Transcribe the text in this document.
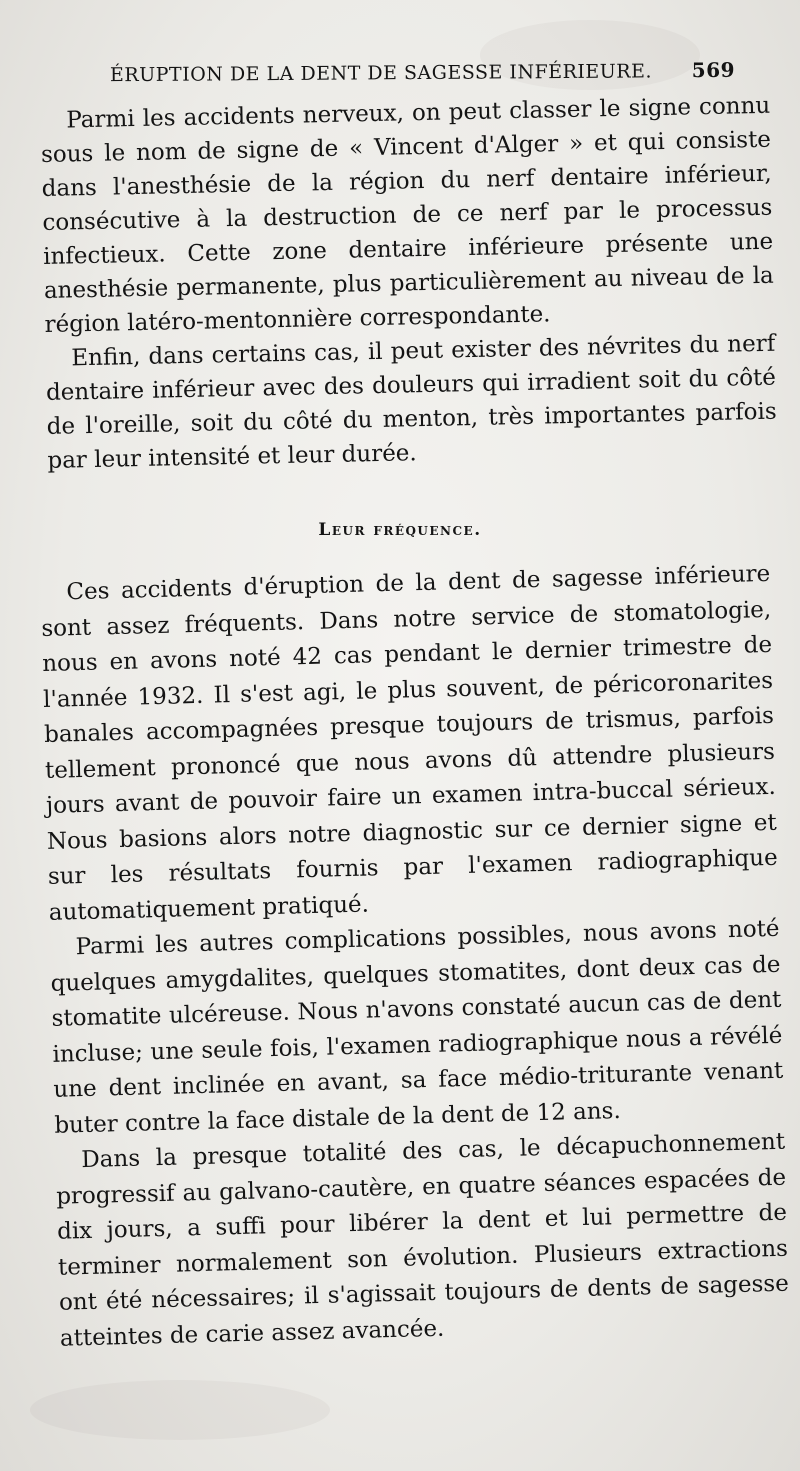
ÉRUPTION DE LA DENT DE SAGESSE INFÉRIEURE. 569

Parmi les accidents nerveux, on peut classer le signe connu sous le nom de signe de « Vincent d'Alger » et qui consiste dans l'anesthésie de la région du nerf dentaire inférieur, consécutive à la destruction de ce nerf par le processus infectieux. Cette zone dentaire inférieure présente une anesthésie permanente, plus particulièrement au niveau de la région latéro-mentonnière correspondante.

Enfin, dans certains cas, il peut exister des névrites du nerf dentaire inférieur avec des douleurs qui irradient soit du côté de l'oreille, soit du côté du menton, très importantes parfois par leur intensité et leur durée.

Leur fréquence.

Ces accidents d'éruption de la dent de sagesse inférieure sont assez fréquents. Dans notre service de stomatologie, nous en avons noté 42 cas pendant le dernier trimestre de l'année 1932. Il s'est agi, le plus souvent, de péricoronarites banales accompagnées presque toujours de trismus, parfois tellement prononcé que nous avons dû attendre plusieurs jours avant de pouvoir faire un examen intra-buccal sérieux. Nous basions alors notre diagnostic sur ce dernier signe et sur les résultats fournis par l'examen radiographique automatiquement pratiqué.

Parmi les autres complications possibles, nous avons noté quelques amygdalites, quelques stomatites, dont deux cas de stomatite ulcéreuse. Nous n'avons constaté aucun cas de dent incluse; une seule fois, l'examen radiographique nous a révélé une dent inclinée en avant, sa face médio-triturante venant buter contre la face distale de la dent de 12 ans.

Dans la presque totalité des cas, le décapuchonnement progressif au galvano-cautère, en quatre séances espacées de dix jours, a suffi pour libérer la dent et lui permettre de terminer normalement son évolution. Plusieurs extractions ont été nécessaires; il s'agissait toujours de dents de sagesse atteintes de carie assez avancée.
